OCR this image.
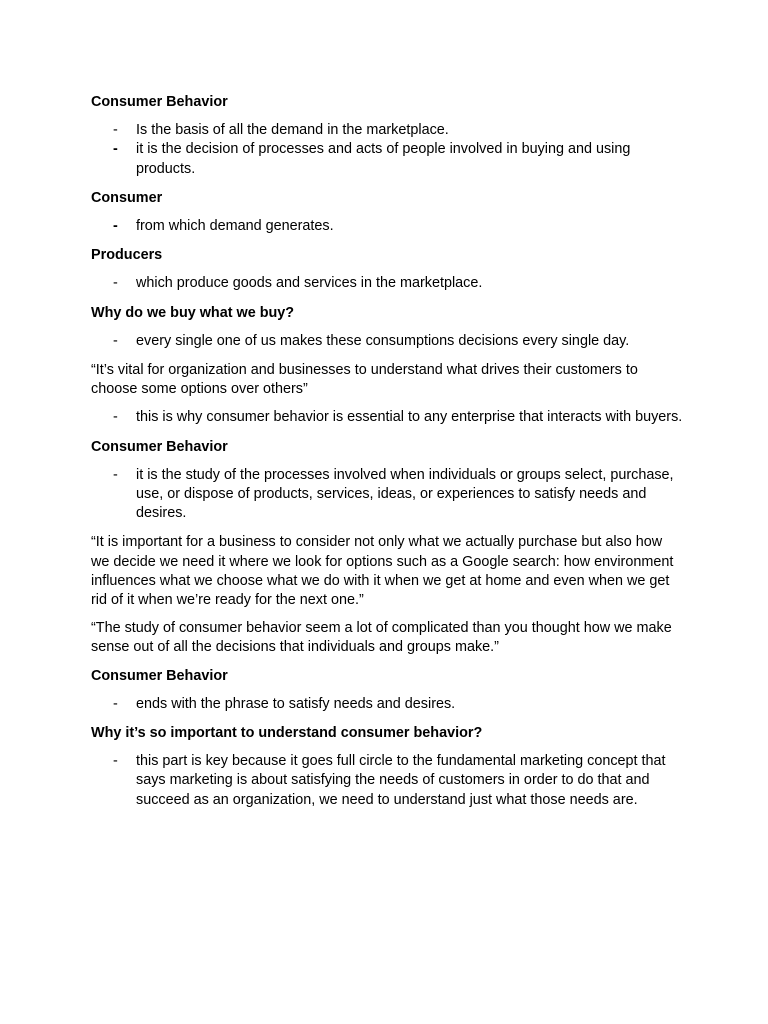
Consumer Behavior
- Is the basis of all the demand in the marketplace.
- it is the decision of processes and acts of people involved in buying and using products.
Consumer
- from which demand generates.
Producers
- which produce goods and services in the marketplace.
Why do we buy what we buy?
- every single one of us makes these consumptions decisions every single day.
“It’s vital for organization and businesses to understand what drives their customers to choose some options over others”
- this is why consumer behavior is essential to any enterprise that interacts with buyers.
Consumer Behavior
- it is the study of the processes involved when individuals or groups select, purchase, use, or dispose of products, services, ideas, or experiences to satisfy needs and desires.
“It is important for a business to consider not only what we actually purchase but also how we decide we need it where we look for options such as a Google search: how environment influences what we choose what we do with it when we get at home and even when we get rid of it when we’re ready for the next one.”
“The study of consumer behavior seem a lot of complicated than you thought how we make sense out of all the decisions that individuals and groups make.”
Consumer Behavior
- ends with the phrase to satisfy needs and desires.
Why it’s so important to understand consumer behavior?
- this part is key because it goes full circle to the fundamental marketing concept that says marketing is about satisfying the needs of customers in order to do that and succeed as an organization, we need to understand just what those needs are.
